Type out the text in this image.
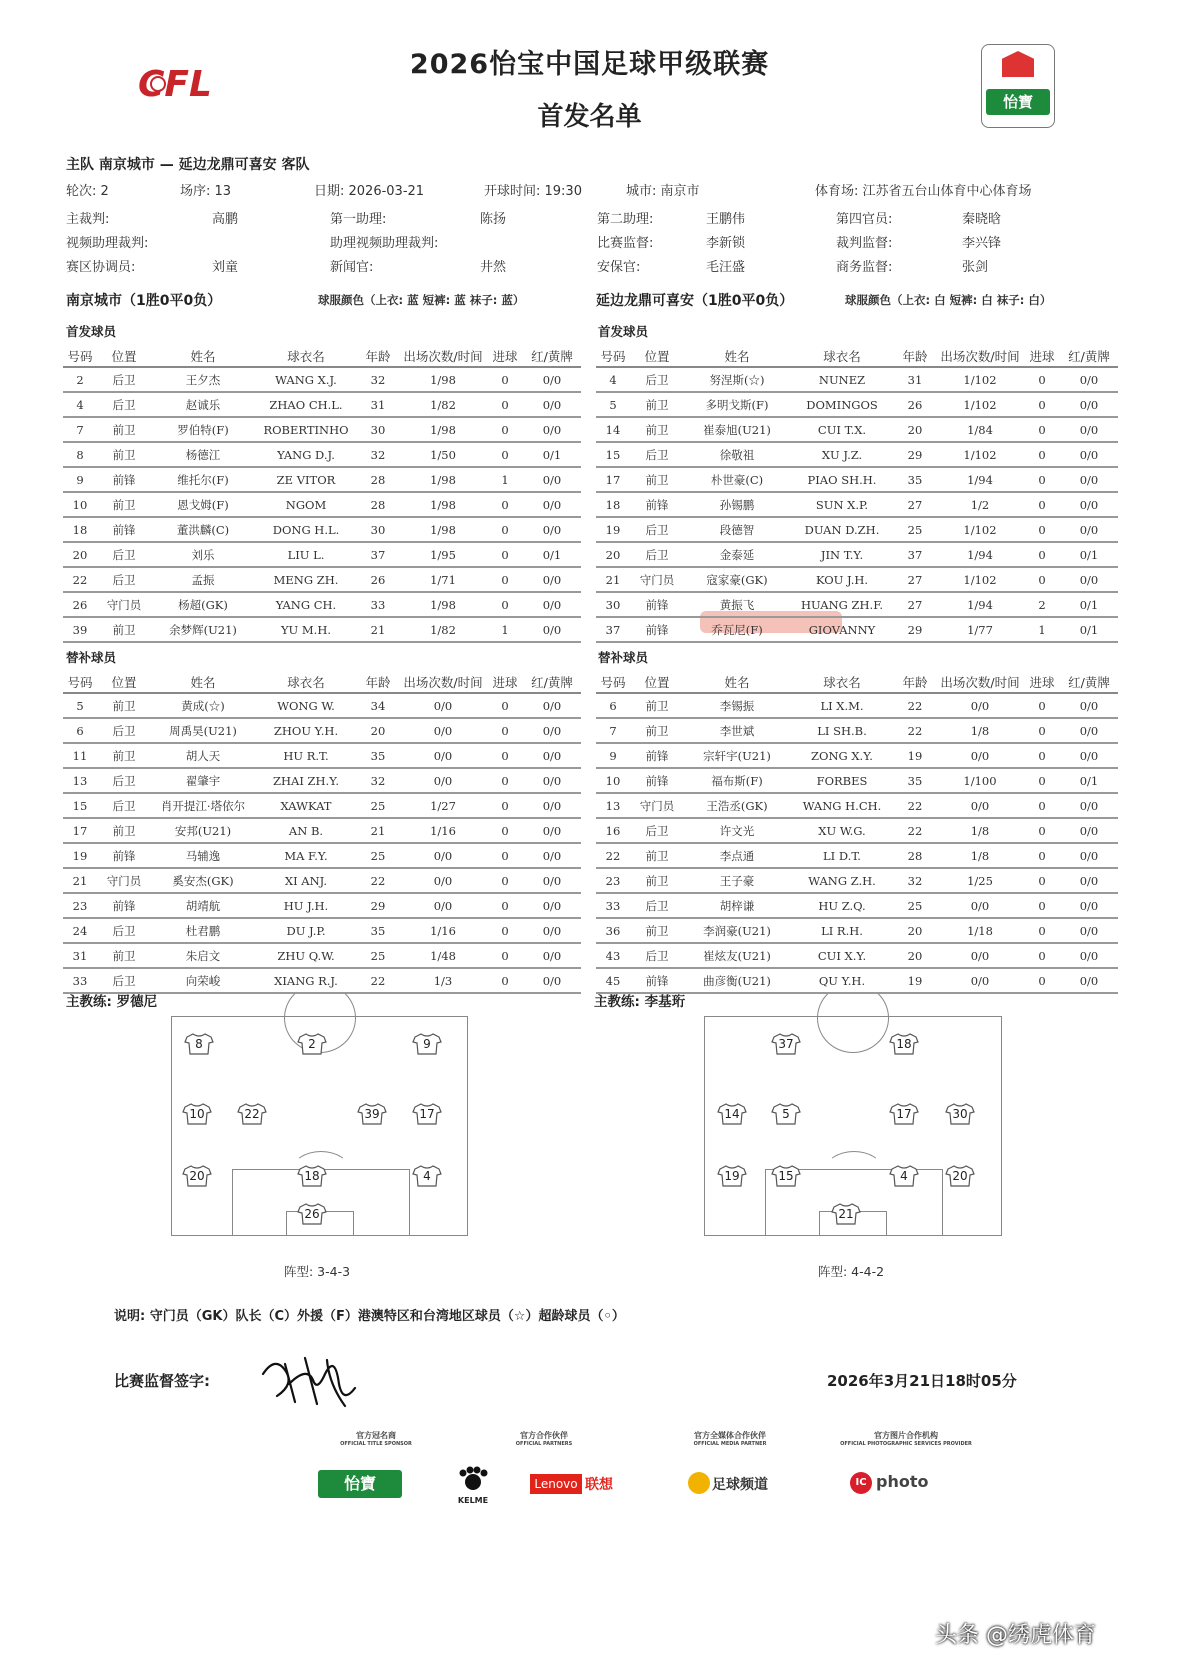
CFL	2026怡宝中国足球甲级联赛
首发名单	怡寶
主队 南京城市 — 延边龙鼎可喜安 客队
轮次: 2	场序: 13	日期: 2026-03-21	开球时间: 19:30	城市: 南京市	体育场: 江苏省五台山体育中心体育场
主裁判:	高鹏	第一助理:	陈扬	第二助理:	王鹏伟	第四官员:	秦晓晗
视频助理裁判:	助理视频助理裁判:	比赛监督:	李新锁	裁判监督:	李兴锋
赛区协调员:	刘童	新闻官:	井然	安保官:	毛汪盛	商务监督:	张剑
南京城市（1胜0平0负）	球服颜色（上衣: 蓝 短裤: 蓝 袜子: 蓝）	延边龙鼎可喜安（1胜0平0负）	球服颜色（上衣: 白 短裤: 白 袜子: 白）
首发球员	首发球员
替补球员	替补球员
号码	位置	姓名	球衣名	年龄	出场次数/时间	进球	红/黄牌
2	后卫	王夕杰	WANG X.J.	32	1/98	0	0/0
4	后卫	赵诚乐	ZHAO CH.L.	31	1/82	0	0/0
7	前卫	罗伯特(F)	ROBERTINHO	30	1/98	0	0/0
8	前卫	杨德江	YANG D.J.	32	1/50	0	0/1
9	前锋	维托尔(F)	ZE VITOR	28	1/98	1	0/0
10	前卫	恩戈姆(F)	NGOM	28	1/98	0	0/0
18	前锋	董洪麟(C)	DONG H.L.	30	1/98	0	0/0
20	后卫	刘乐	LIU L.	37	1/95	0	0/1
22	后卫	孟振	MENG ZH.	26	1/71	0	0/0
26	守门员	杨超(GK)	YANG CH.	33	1/98	0	0/0
39	前卫	余梦辉(U21)	YU M.H.	21	1/82	1	0/0
号码	位置	姓名	球衣名	年龄	出场次数/时间	进球	红/黄牌
4	后卫	努涅斯(☆)	NUNEZ	31	1/102	0	0/0
5	前卫	多明戈斯(F)	DOMINGOS	26	1/102	0	0/0
14	前卫	崔泰旭(U21)	CUI T.X.	20	1/84	0	0/0
15	后卫	徐敬祖	XU J.Z.	29	1/102	0	0/0
17	前卫	朴世豪(C)	PIAO SH.H.	35	1/94	0	0/0
18	前锋	孙锡鹏	SUN X.P.	27	1/2	0	0/0
19	后卫	段德智	DUAN D.ZH.	25	1/102	0	0/0
20	后卫	金泰延	JIN T.Y.	37	1/94	0	0/1
21	守门员	寇家豪(GK)	KOU J.H.	27	1/102	0	0/0
30	前锋	黄振飞	HUANG ZH.F.	27	1/94	2	0/1
37	前锋	乔瓦尼(F)	GIOVANNY	29	1/77	1	0/1
号码	位置	姓名	球衣名	年龄	出场次数/时间	进球	红/黄牌
5	前卫	黄成(☆)	WONG W.	34	0/0	0	0/0
6	后卫	周禹昊(U21)	ZHOU Y.H.	20	0/0	0	0/0
11	前卫	胡人天	HU R.T.	35	0/0	0	0/0
13	后卫	翟肇宇	ZHAI ZH.Y.	32	0/0	0	0/0
15	后卫	肖开提江·塔依尔	XAWKAT	25	1/27	0	0/0
17	前卫	安邦(U21)	AN B.	21	1/16	0	0/0
19	前锋	马辅逸	MA F.Y.	25	0/0	0	0/0
21	守门员	奚安杰(GK)	XI ANJ.	22	0/0	0	0/0
23	前锋	胡靖航	HU J.H.	29	0/0	0	0/0
24	后卫	杜君鹏	DU J.P.	35	1/16	0	0/0
31	前卫	朱启文	ZHU Q.W.	25	1/48	0	0/0
33	后卫	向荣峻	XIANG R.J.	22	1/3	0	0/0
号码	位置	姓名	球衣名	年龄	出场次数/时间	进球	红/黄牌
6	前卫	李锡振	LI X.M.	22	0/0	0	0/0
7	前卫	李世斌	LI SH.B.	22	1/8	0	0/0
9	前锋	宗轩宇(U21)	ZONG X.Y.	19	0/0	0	0/0
10	前锋	福布斯(F)	FORBES	35	1/100	0	0/1
13	守门员	王浩丞(GK)	WANG H.CH.	22	0/0	0	0/0
16	后卫	许文光	XU W.G.	22	1/8	0	0/0
22	前卫	李点通	LI D.T.	28	1/8	0	0/0
23	前卫	王子豪	WANG Z.H.	32	1/25	0	0/0
33	后卫	胡梓谦	HU Z.Q.	25	0/0	0	0/0
36	前卫	李润豪(U21)	LI R.H.	20	1/18	0	0/0
43	后卫	崔炫友(U21)	CUI X.Y.	20	0/0	0	0/0
45	前锋	曲彦衡(U21)	QU Y.H.	19	0/0	0	0/0
主教练: 罗德尼	主教练: 李基珩
8	2	9
10	22	39	17
20	18	4
26
37	18
14	5	17	30
19	15	4	20
21
阵型: 3-4-3	阵型: 4-4-2
说明: 守门员（GK）队长（C）外援（F）港澳特区和台湾地区球员（☆）超龄球员（◦）
比赛监督签字:	2026年3月21日18时05分
官方冠名商
OFFICIAL TITLE SPONSOR
官方合作伙伴
OFFICIAL PARTNERS
官方全媒体合作伙伴
OFFICIAL MEDIA PARTNER
官方图片合作机构
OFFICIAL PHOTOGRAPHIC SERVICES PROVIDER
怡寶
KELME
Lenovo 联想	足球频道	IC photo
头条 @绣虎体育
